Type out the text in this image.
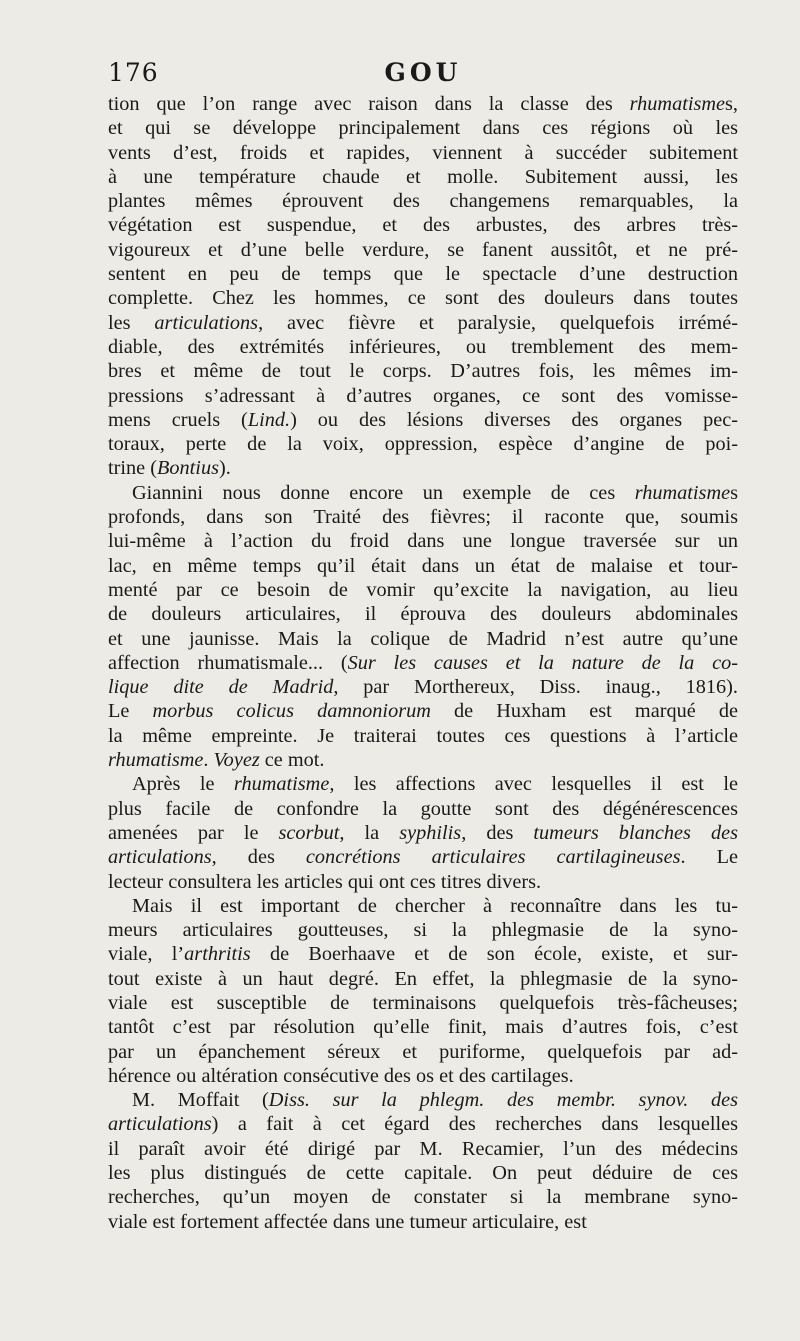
176	GOU
tion que l’on range avec raison dans la classe des rhumatismes,
et qui se développe principalement dans ces régions où les
vents d’est, froids et rapides, viennent à succéder subitement
à une température chaude et molle. Subitement aussi, les
plantes mêmes éprouvent des changemens remarquables, la
végétation est suspendue, et des arbustes, des arbres très-
vigoureux et d’une belle verdure, se fanent aussitôt, et ne pré-
sentent en peu de temps que le spectacle d’une destruction
complette. Chez les hommes, ce sont des douleurs dans toutes
les articulations, avec fièvre et paralysie, quelquefois irrémé-
diable, des extrémités inférieures, ou tremblement des mem-
bres et même de tout le corps. D’autres fois, les mêmes im-
pressions s’adressant à d’autres organes, ce sont des vomisse-
mens cruels (Lind.) ou des lésions diverses des organes pec-
toraux, perte de la voix, oppression, espèce d’angine de poi-
trine (Bontius).
Giannini nous donne encore un exemple de ces rhumatismes
profonds, dans son Traité des fièvres; il raconte que, soumis
lui-même à l’action du froid dans une longue traversée sur un
lac, en même temps qu’il était dans un état de malaise et tour-
menté par ce besoin de vomir qu’excite la navigation, au lieu
de douleurs articulaires, il éprouva des douleurs abdominales
et une jaunisse. Mais la colique de Madrid n’est autre qu’une
affection rhumatismale... (Sur les causes et la nature de la co-
lique dite de Madrid, par Morthereux, Diss. inaug., 1816).
Le morbus colicus damnoniorum de Huxham est marqué de
la même empreinte. Je traiterai toutes ces questions à l’article
rhumatisme. Voyez ce mot.
Après le rhumatisme, les affections avec lesquelles il est le
plus facile de confondre la goutte sont des dégénérescences
amenées par le scorbut, la syphilis, des tumeurs blanches des
articulations, des concrétions articulaires cartilagineuses. Le
lecteur consultera les articles qui ont ces titres divers.
Mais il est important de chercher à reconnaître dans les tu-
meurs articulaires goutteuses, si la phlegmasie de la syno-
viale, l’arthritis de Boerhaave et de son école, existe, et sur-
tout existe à un haut degré. En effet, la phlegmasie de la syno-
viale est susceptible de terminaisons quelquefois très-fâcheuses;
tantôt c’est par résolution qu’elle finit, mais d’autres fois, c’est
par un épanchement séreux et puriforme, quelquefois par ad-
hérence ou altération consécutive des os et des cartilages.
M. Moffait (Diss. sur la phlegm. des membr. synov. des
articulations) a fait à cet égard des recherches dans lesquelles
il paraît avoir été dirigé par M. Recamier, l’un des médecins
les plus distingués de cette capitale. On peut déduire de ces
recherches, qu’un moyen de constater si la membrane syno-
viale est fortement affectée dans une tumeur articulaire, est
